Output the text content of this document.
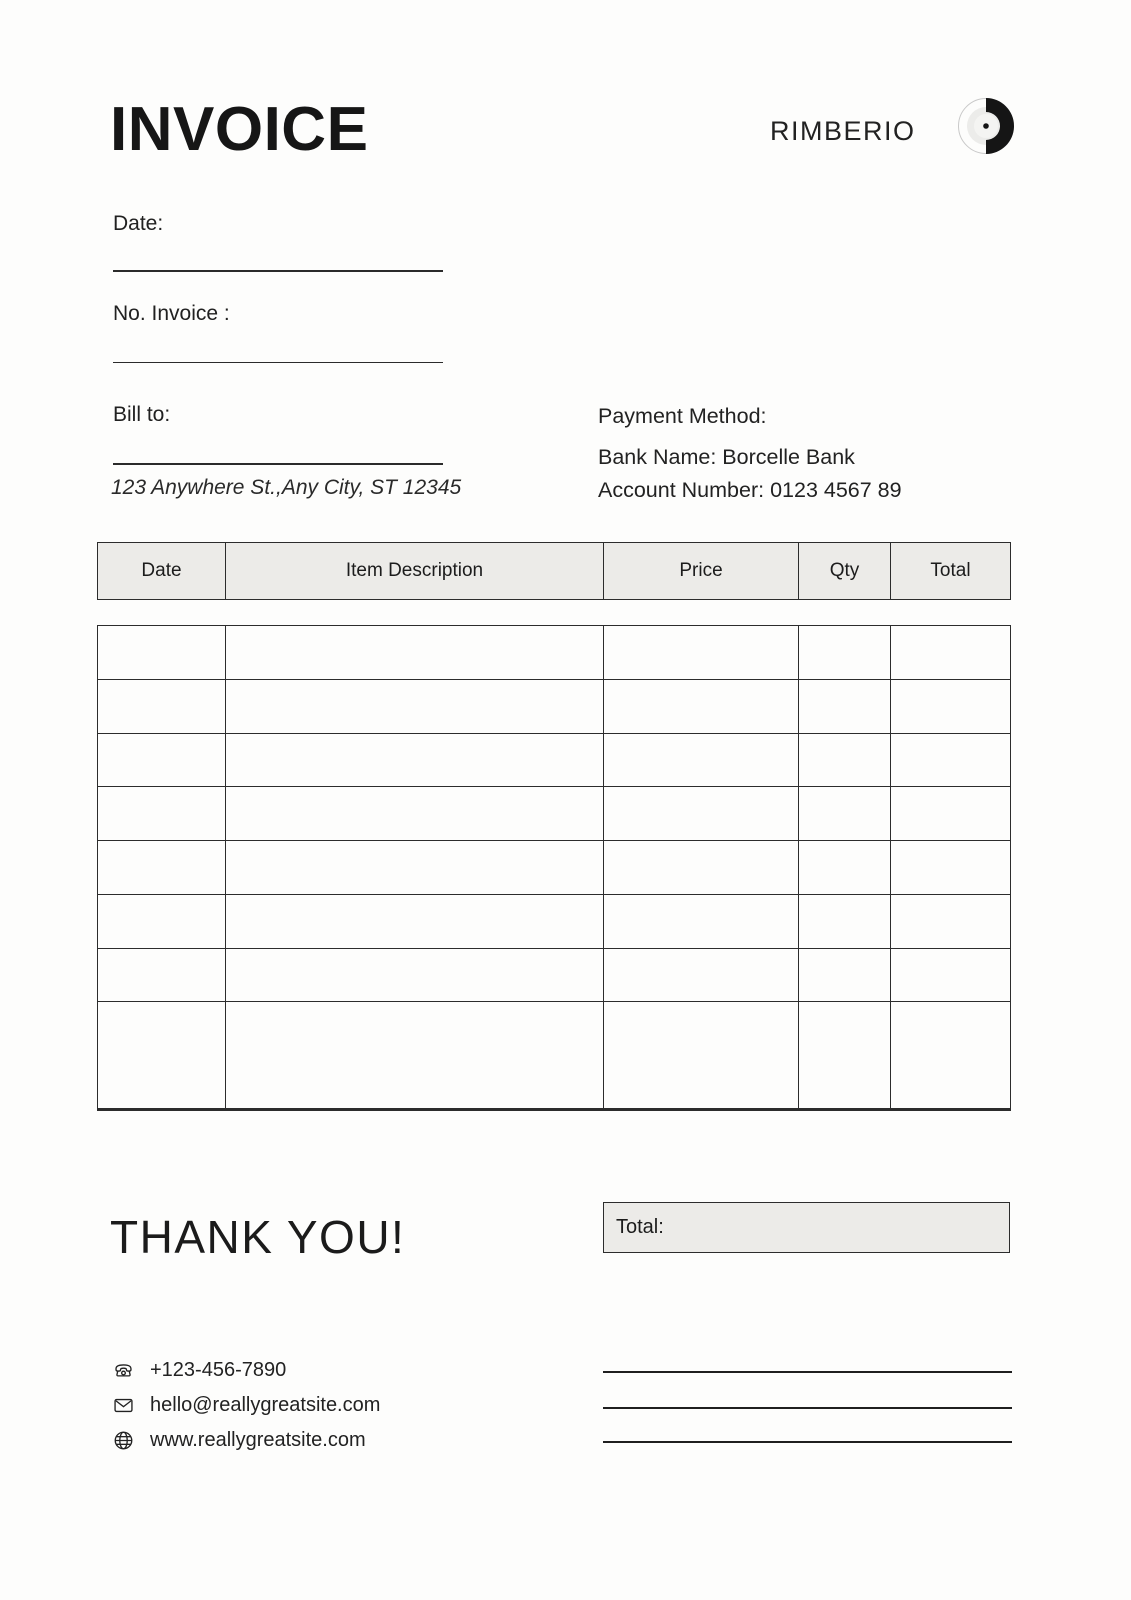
INVOICE	RIMBERIO
Date:
No. Invoice :
Bill to:
123 Anywhere St.,Any City, ST 12345
Payment Method:
Bank Name: Borcelle Bank
Account Number: 0123 4567 89
Date	Item Description	Price	Qty	Total

THANK YOU!	Total:
+123-456-7890
hello@reallygreatsite.com
www.reallygreatsite.com
